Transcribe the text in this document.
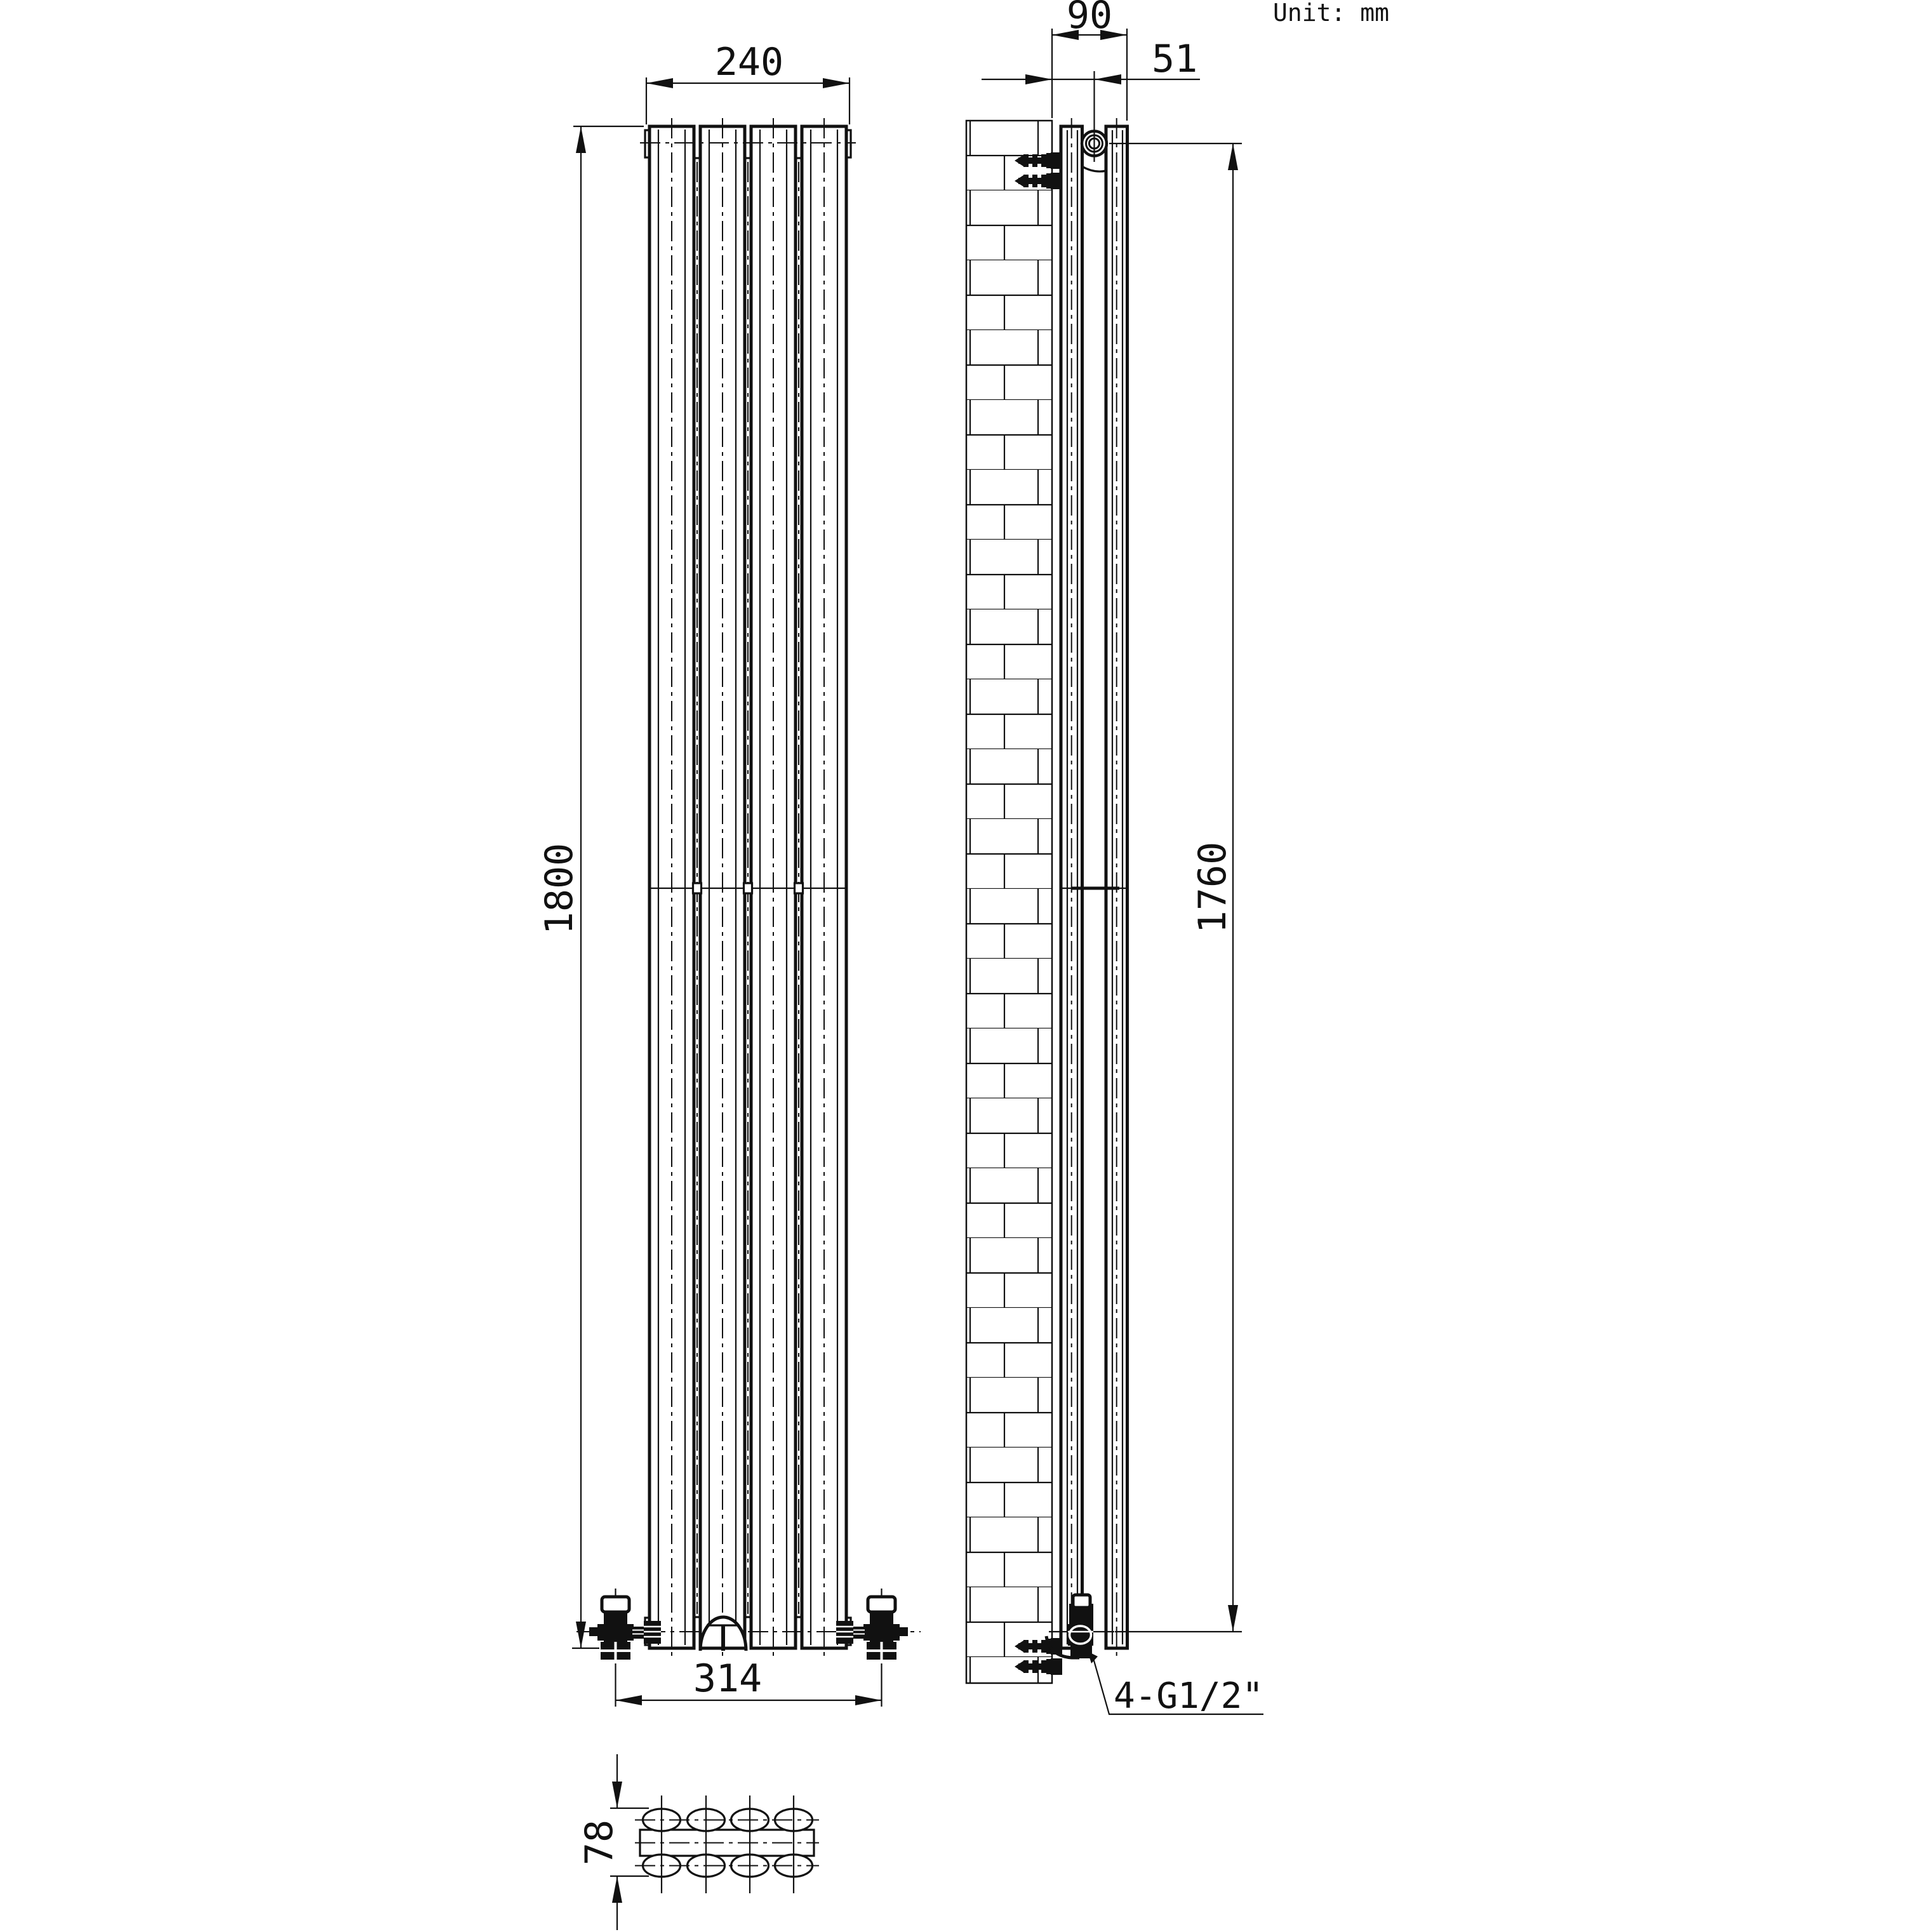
240
1800
314	4-G1/2"
90
51
1760
78
Unit: mm
